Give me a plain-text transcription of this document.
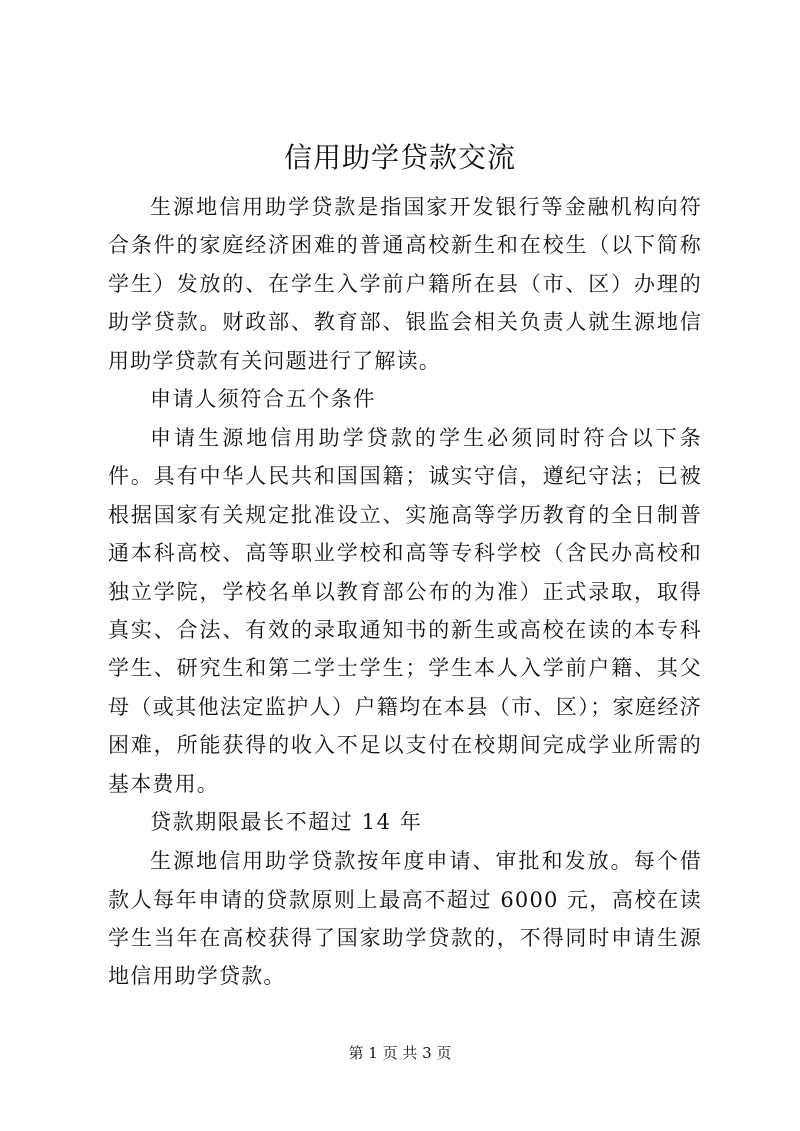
信用助学贷款交流

生源地信用助学贷款是指国家开发银行等金融机构向符合条件的家庭经济困难的普通高校新生和在校生（以下简称学生）发放的、在学生入学前户籍所在县（市、区）办理的助学贷款。财政部、教育部、银监会相关负责人就生源地信用助学贷款有关问题进行了解读。

申请人须符合五个条件

申请生源地信用助学贷款的学生必须同时符合以下条件。具有中华人民共和国国籍；诚实守信，遵纪守法；已被根据国家有关规定批准设立、实施高等学历教育的全日制普通本科高校、高等职业学校和高等专科学校（含民办高校和独立学院，学校名单以教育部公布的为准）正式录取，取得真实、合法、有效的录取通知书的新生或高校在读的本专科学生、研究生和第二学士学生；学生本人入学前户籍、其父母（或其他法定监护人）户籍均在本县（市、区）；家庭经济困难，所能获得的收入不足以支付在校期间完成学业所需的基本费用。

贷款期限最长不超过 14 年

生源地信用助学贷款按年度申请、审批和发放。每个借款人每年申请的贷款原则上最高不超过 6000 元，高校在读学生当年在高校获得了国家助学贷款的，不得同时申请生源地信用助学贷款。

第 1 页 共 3 页
